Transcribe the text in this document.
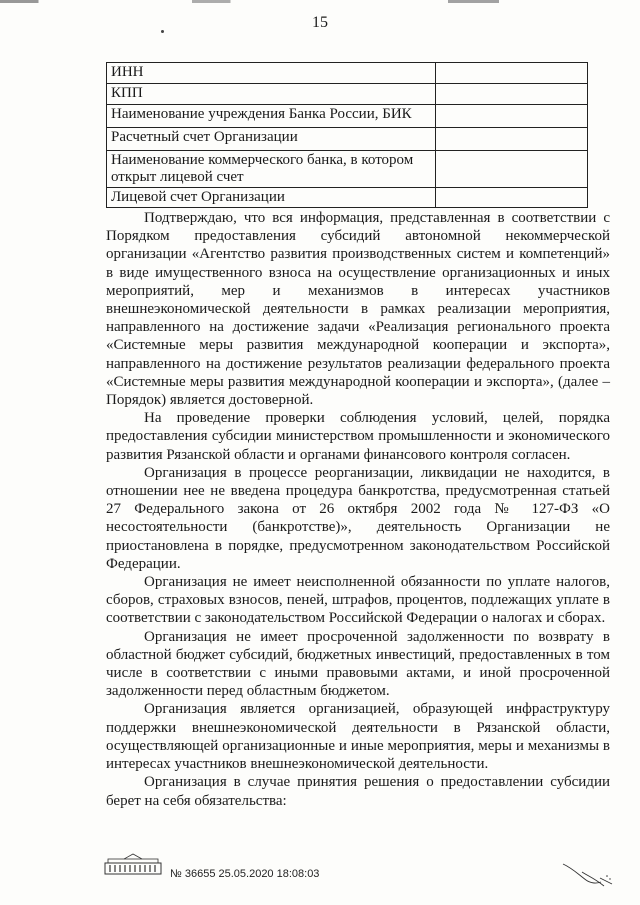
15
ИНН	
КПП	
Наименование учреждения Банка России, БИК	
Расчетный счет Организации	
Наименование коммерческого банка, в котором открыт лицевой счет	
Лицевой счет Организации	

Подтверждаю, что вся информация, представленная в соответствии с Порядком предоставления субсидий автономной некоммерческой организации «Агентство развития производственных систем и компетенций» в виде имущественного взноса на осуществление организационных и иных мероприятий, мер и механизмов в интересах участников внешнеэкономической деятельности в рамках реализации мероприятия, направленного на достижение задачи «Реализация регионального проекта «Системные меры развития международной кооперации и экспорта», направленного на достижение результатов реализации федерального проекта «Системные меры развития международной кооперации и экспорта», (далее – Порядок) является достоверной.

На проведение проверки соблюдения условий, целей, порядка предоставления субсидии министерством промышленности и экономического развития Рязанской области и органами финансового контроля согласен.

Организация в процессе реорганизации, ликвидации не находится, в отношении нее не введена процедура банкротства, предусмотренная статьей 27 Федерального закона от 26 октября 2002 года № 127-ФЗ «О несостоятельности (банкротстве)», деятельность Организации не приостановлена в порядке, предусмотренном законодательством Российской Федерации.

Организация не имеет неисполненной обязанности по уплате налогов, сборов, страховых взносов, пеней, штрафов, процентов, подлежащих уплате в соответствии с законодательством Российской Федерации о налогах и сборах.

Организация не имеет просроченной задолженности по возврату в областной бюджет субсидий, бюджетных инвестиций, предоставленных в том числе в соответствии с иными правовыми актами, и иной просроченной задолженности перед областным бюджетом.

Организация является организацией, образующей инфраструктуру поддержки внешнеэкономической деятельности в Рязанской области, осуществляющей организационные и иные мероприятия, меры и механизмы в интересах участников внешнеэкономической деятельности.

Организация в случае принятия решения о предоставлении субсидии берет на себя обязательства:

№ 36655 25.05.2020 18:08:03
